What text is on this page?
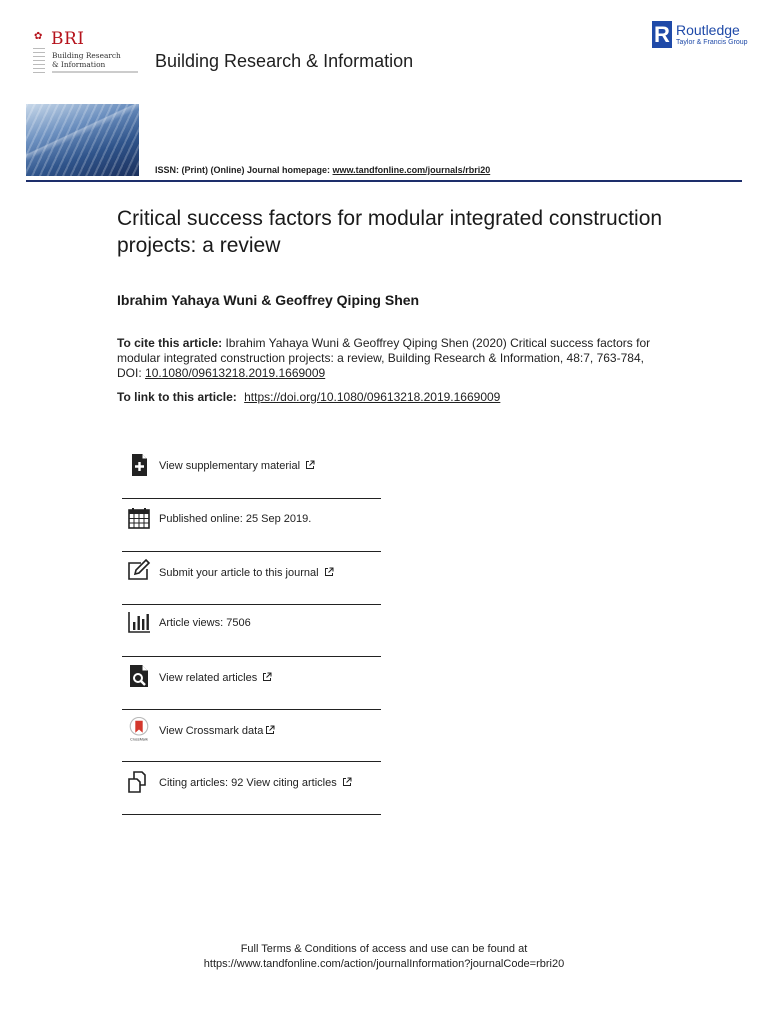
✿ BRI
Building Research
& Information	Building Research & Information
R Routledge
Taylor & Francis Group
ISSN: (Print) (Online) Journal homepage: www.tandfonline.com/journals/rbri20
Critical success factors for modular integrated construction projects: a review
Ibrahim Yahaya Wuni & Geoffrey Qiping Shen
To cite this article: Ibrahim Yahaya Wuni & Geoffrey Qiping Shen (2020) Critical success factors for modular integrated construction projects: a review, Building Research & Information, 48:7, 763-784, DOI: 10.1080/09613218.2019.1669009
To link to this article: https://doi.org/10.1080/09613218.2019.1669009
View supplementary material
Published online: 25 Sep 2019.
Submit your article to this journal
Article views: 7506
View related articles
CrossMark
View Crossmark data
Citing articles: 92 View citing articles
Full Terms & Conditions of access and use can be found at
https://www.tandfonline.com/action/journalInformation?journalCode=rbri20
